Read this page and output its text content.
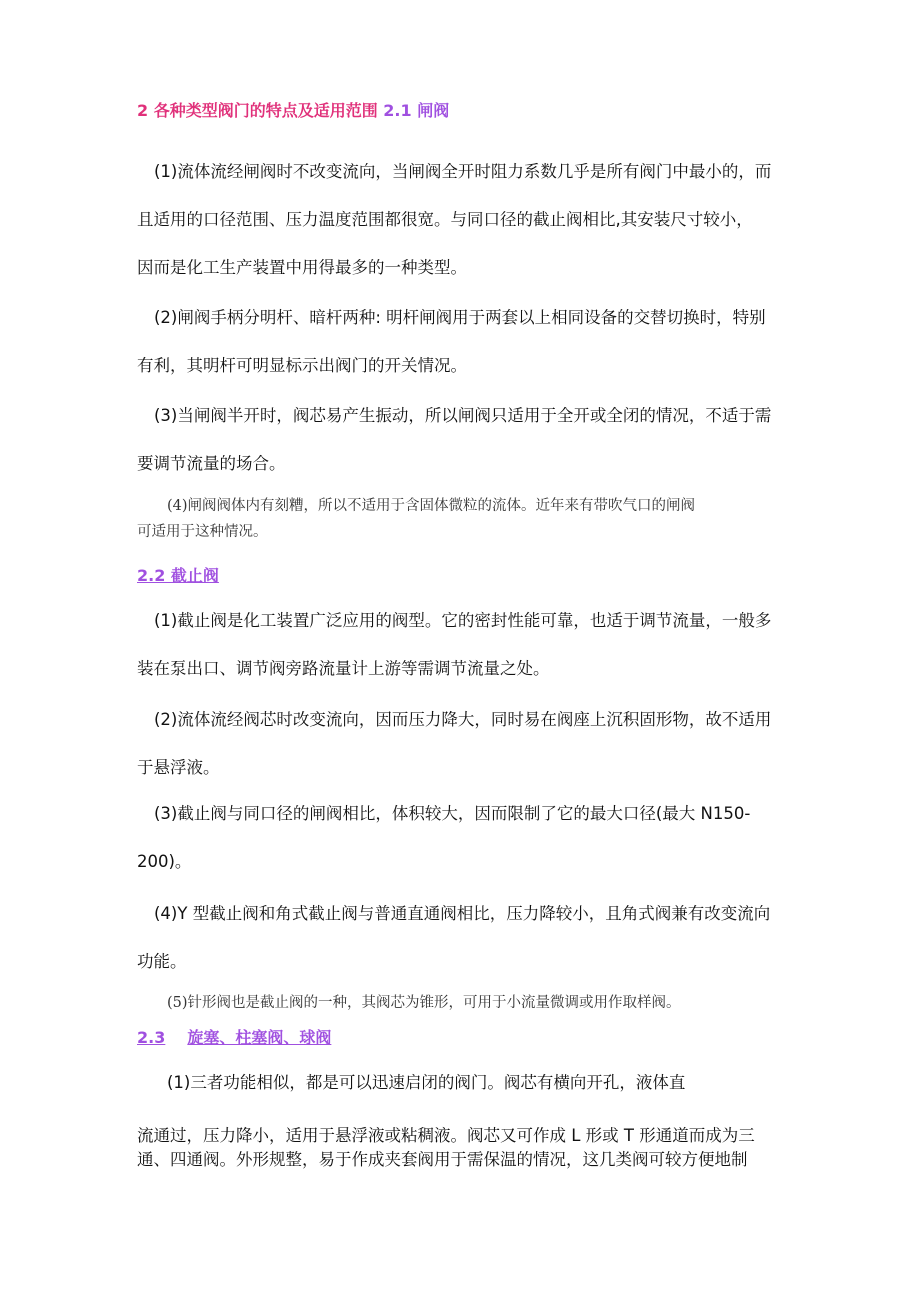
2 各种类型阀门的特点及适用范围 2.1 闸阀
(1)流体流经闸阀时不改变流向，当闸阀全开时阻力系数几乎是所有阀门中最小的，而
且适用的口径范围、压力温度范围都很宽。与同口径的截止阀相比,其安装尺寸较小，
因而是化工生产装置中用得最多的一种类型。
(2)闸阀手柄分明杆、暗杆两种: 明杆闸阀用于两套以上相同设备的交替切换时，特别
有利，其明杆可明显标示出阀门的开关情况。
(3)当闸阀半开时，阀芯易产生振动，所以闸阀只适用于全开或全闭的情况，不适于需
要调节流量的场合。
(4)闸阀阀体内有刻糟，所以不适用于含固体微粒的流体。近年来有带吹气口的闸阀
可适用于这种情况。
2.2 截止阀
(1)截止阀是化工装置广泛应用的阀型。它的密封性能可靠，也适于调节流量，一般多
装在泵出口、调节阀旁路流量计上游等需调节流量之处。
(2)流体流经阀芯时改变流向，因而压力降大，同时易在阀座上沉积固形物，故不适用
于悬浮液。
(3)截止阀与同口径的闸阀相比，体积较大，因而限制了它的最大口径(最大 N150-
200)。
(4)Y 型截止阀和角式截止阀与普通直通阀相比，压力降较小，且角式阀兼有改变流向
功能。
(5)针形阀也是截止阀的一种，其阀芯为锥形，可用于小流量微调或用作取样阀。
2.3 旋塞、柱塞阀、球阀
(1)三者功能相似，都是可以迅速启闭的阀门。阀芯有横向开孔，液体直
流通过，压力降小，适用于悬浮液或粘稠液。阀芯又可作成 L 形或 T 形通道而成为三
通、四通阀。外形规整，易于作成夹套阀用于需保温的情况，这几类阀可较方便地制
